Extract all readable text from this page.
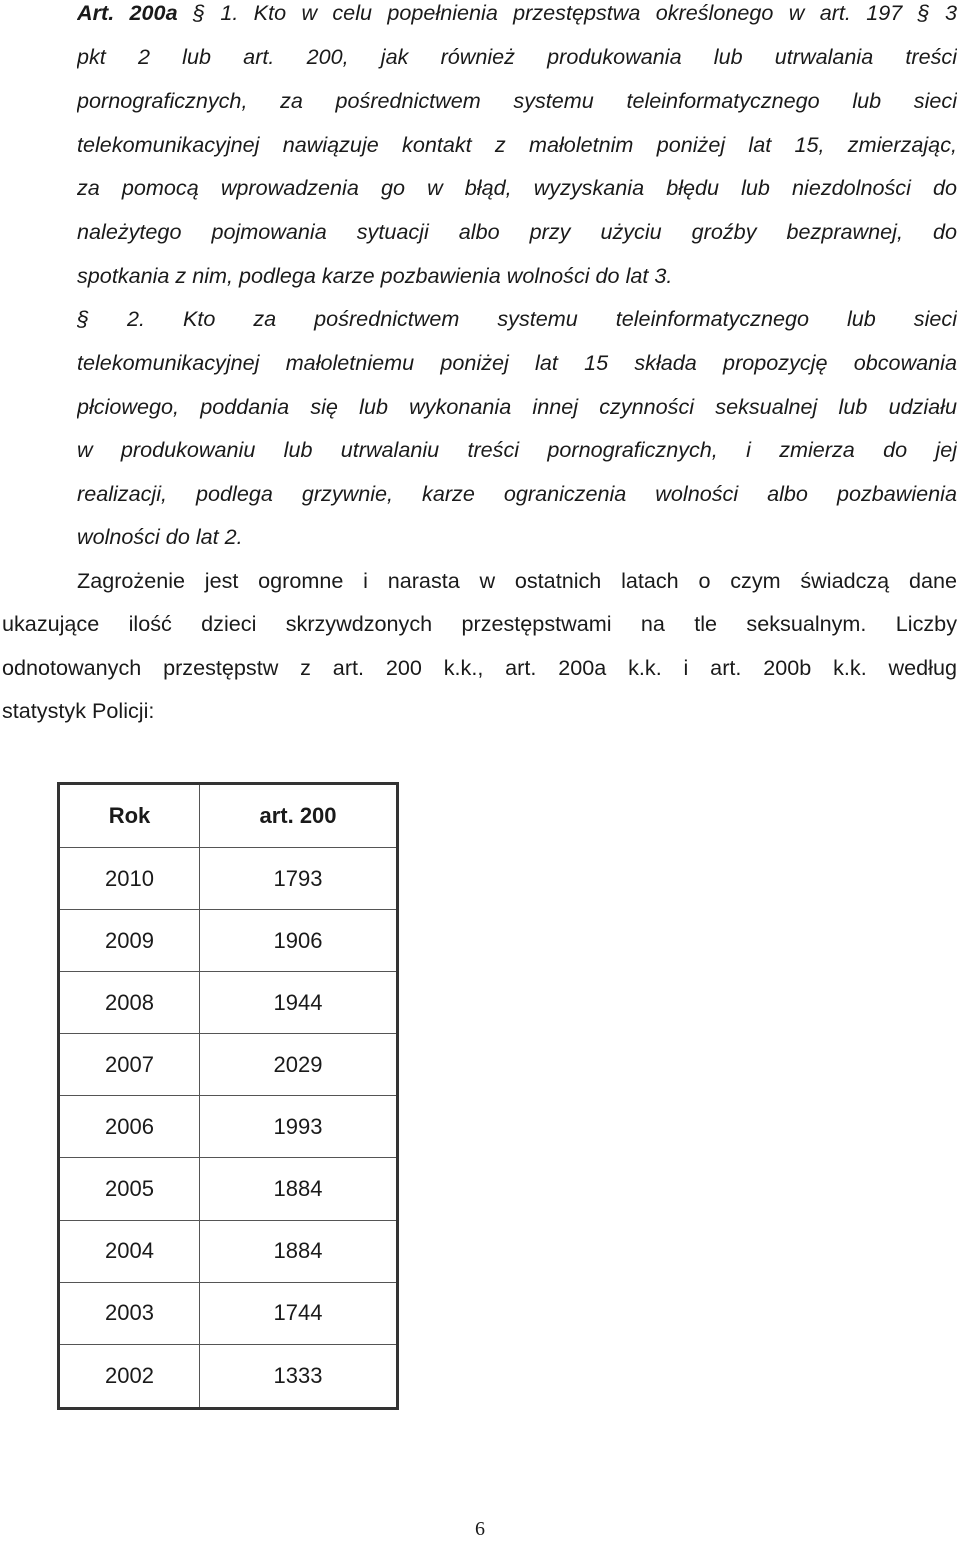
Art. 200a § 1. Kto w celu popełnienia przestępstwa określonego w art. 197 § 3
pkt 2 lub art. 200, jak również produkowania lub utrwalania treści
pornograficznych, za pośrednictwem systemu teleinformatycznego lub sieci
telekomunikacyjnej nawiązuje kontakt z małoletnim poniżej lat 15, zmierzając,
za pomocą wprowadzenia go w błąd, wyzyskania błędu lub niezdolności do
należytego pojmowania sytuacji albo przy użyciu groźby bezprawnej, do
spotkania z nim, podlega karze pozbawienia wolności do lat 3.
§ 2. Kto za pośrednictwem systemu teleinformatycznego lub sieci
telekomunikacyjnej małoletniemu poniżej lat 15 składa propozycję obcowania
płciowego, poddania się lub wykonania innej czynności seksualnej lub udziału
w produkowaniu lub utrwalaniu treści pornograficznych, i zmierza do jej
realizacji, podlega grzywnie, karze ograniczenia wolności albo pozbawienia
wolności do lat 2.
Zagrożenie jest ogromne i narasta w ostatnich latach o czym świadczą dane
ukazujące ilość dzieci skrzywdzonych przestępstwami na tle seksualnym. Liczby
odnotowanych przestępstw z art. 200 k.k., art. 200a k.k. i art. 200b k.k. według
statystyk Policji:
Rok	art. 200
2010	1793
2009	1906
2008	1944
2007	2029
2006	1993
2005	1884
2004	1884
2003	1744
2002	1333
6
